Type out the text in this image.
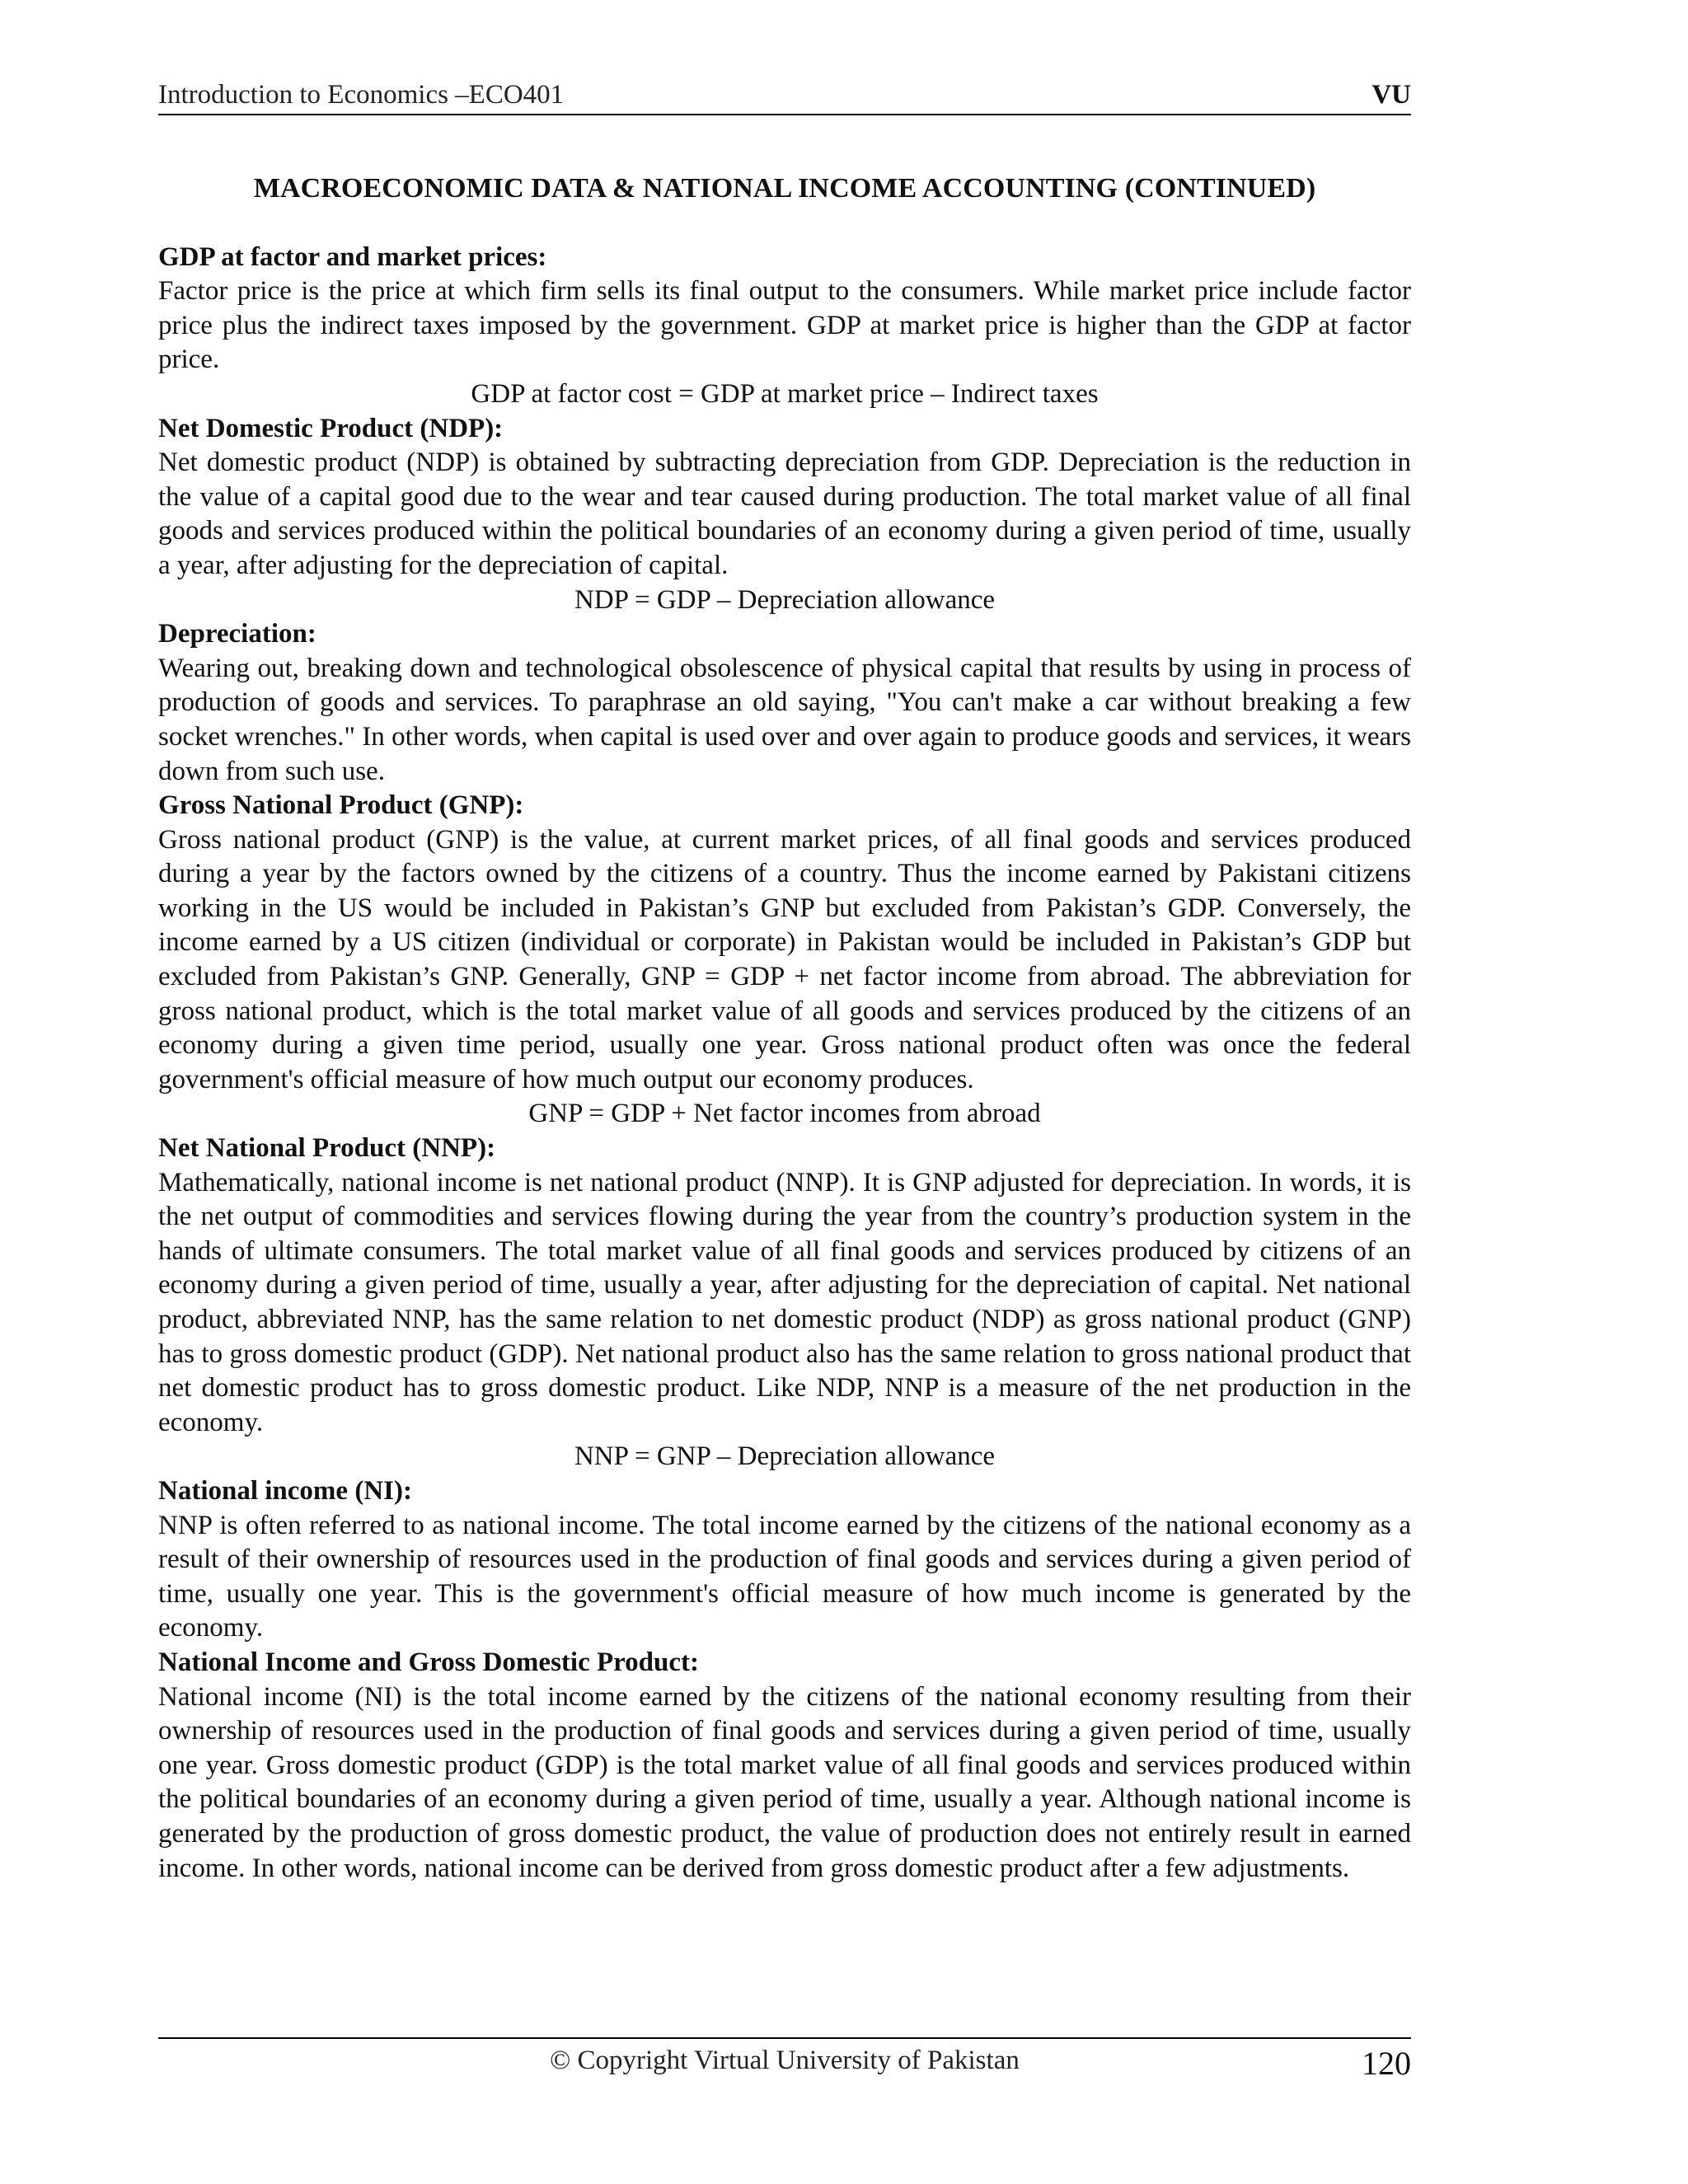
Introduction to Economics –ECO401	VU

MACROECONOMIC DATA & NATIONAL INCOME ACCOUNTING (CONTINUED)

GDP at factor and market prices:

Factor price is the price at which firm sells its final output to the consumers. While market price include factor price plus the indirect taxes imposed by the government. GDP at market price is higher than the GDP at factor price.

GDP at factor cost = GDP at market price – Indirect taxes

Net Domestic Product (NDP):

Net domestic product (NDP) is obtained by subtracting depreciation from GDP. Depreciation is the reduction in the value of a capital good due to the wear and tear caused during production. The total market value of all final goods and services produced within the political boundaries of an economy during a given period of time, usually a year, after adjusting for the depreciation of capital.

NDP = GDP – Depreciation allowance

Depreciation:

Wearing out, breaking down and technological obsolescence of physical capital that results by using in process of production of goods and services. To paraphrase an old saying, "You can't make a car without breaking a few socket wrenches." In other words, when capital is used over and over again to produce goods and services, it wears down from such use.

Gross National Product (GNP):

Gross national product (GNP) is the value, at current market prices, of all final goods and services produced during a year by the factors owned by the citizens of a country. Thus the income earned by Pakistani citizens working in the US would be included in Pakistan’s GNP but excluded from Pakistan’s GDP. Conversely, the income earned by a US citizen (individual or corporate) in Pakistan would be included in Pakistan’s GDP but excluded from Pakistan’s GNP. Generally, GNP = GDP + net factor income from abroad. The abbreviation for gross national product, which is the total market value of all goods and services produced by the citizens of an economy during a given time period, usually one year. Gross national product often was once the federal government's official measure of how much output our economy produces.

GNP = GDP + Net factor incomes from abroad

Net National Product (NNP):

Mathematically, national income is net national product (NNP). It is GNP adjusted for depreciation. In words, it is the net output of commodities and services flowing during the year from the country’s production system in the hands of ultimate consumers. The total market value of all final goods and services produced by citizens of an economy during a given period of time, usually a year, after adjusting for the depreciation of capital. Net national product, abbreviated NNP, has the same relation to net domestic product (NDP) as gross national product (GNP) has to gross domestic product (GDP). Net national product also has the same relation to gross national product that net domestic product has to gross domestic product. Like NDP, NNP is a measure of the net production in the economy.

NNP = GNP – Depreciation allowance

National income (NI):

NNP is often referred to as national income. The total income earned by the citizens of the national economy as a result of their ownership of resources used in the production of final goods and services during a given period of time, usually one year. This is the government's official measure of how much income is generated by the economy.

National Income and Gross Domestic Product:

National income (NI) is the total income earned by the citizens of the national economy resulting from their ownership of resources used in the production of final goods and services during a given period of time, usually one year. Gross domestic product (GDP) is the total market value of all final goods and services produced within the political boundaries of an economy during a given period of time, usually a year. Although national income is generated by the production of gross domestic product, the value of production does not entirely result in earned income. In other words, national income can be derived from gross domestic product after a few adjustments.

© Copyright Virtual University of Pakistan	120
